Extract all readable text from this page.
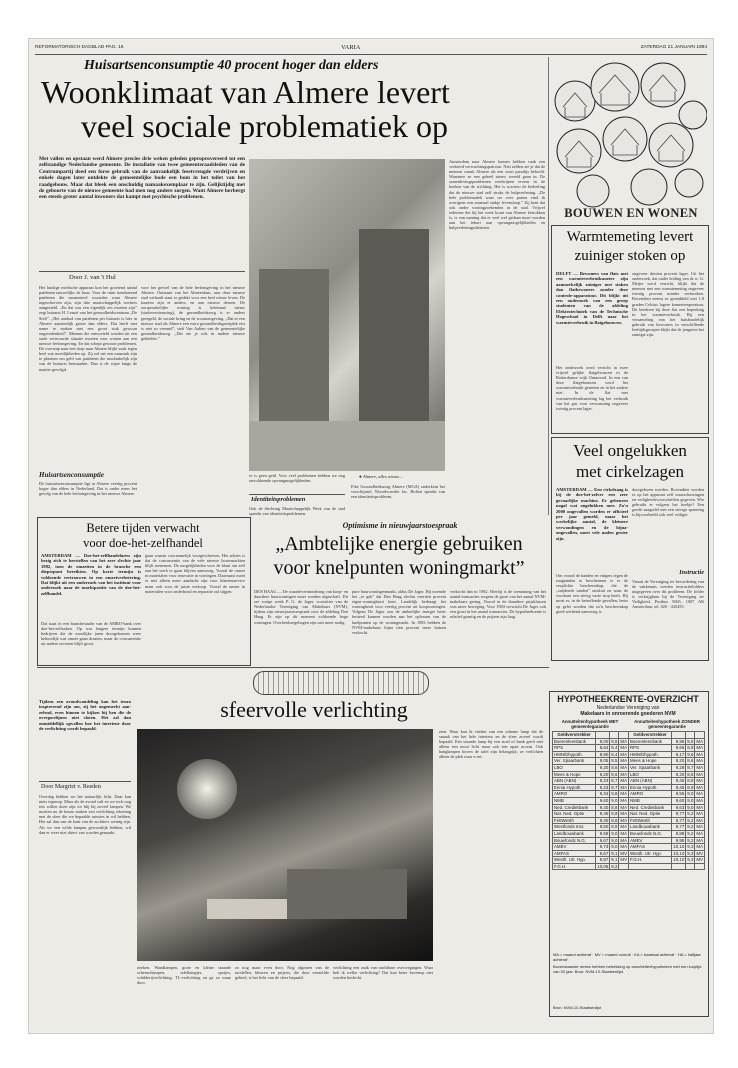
REFORMATORISCH DAGBLAD PAG. 16	VARIA	ZATERDAG 21 JANUARI 1984
Huisartsenconsumptie 40 procent hoger dan elders
Woonklimaat van Almere levert
veel sociale problematiek op
Met vallen en opstaan werd Almere precies drie weken geleden geproprovereerd tot een zelfstandige Nederlandse gemeente. De installatie van twee gemeenteraadsleden van de Centrumpartij deed een forse gebruik van de aanvankelijk feestvreugde verdrijven en enkele dagen later ontdekte de gemeentelijke bode een bom in het toilet van het raadgebouw. Maar dat bleek een onschuldig namaakexemplaar te zijn. Gelijktijdig met de geboorte van de nieuwe gemeente had men nog andere zorgen. Want Almere herbergt een steeds groter aantal inwoners dat kampt met psychische problemen.
Door J. van 't Hul
Het huidige medische apparaat kon het groeiend aantal patiënten nauwelijks de baas. Voor de ruim tienduizend patiënten die momenteel woonden waar Almere ingeschreven zijn, zijn drie maatschappelijk werkers aangesteld. „En dat zou een eigenlijk zes moeten zijn” zegt huisarts H. Lenzit van het gezondheidscentrum „De Stelt”. „Het aanbod van patiënten per huisarts is hier in Almere aanzienlijk groter dan elders. Dat heeft met name te maken met een groot stuk gewoon ongeordenheid”. Mensen die ontworteld worden uit een oude vertrouwde situatie moeten voor wonen aan een nieuwe leefomgeving. En dat schept gewoon problemen. De overstap naar een dorp naar Almere blijkt vaak tegen heel wat moeilijkheden op. Zij zal net een munstuk zijn te plaatsen om geld van patiënten die noodzakelijk zijn van de huisarts bestuurden. Dan is de wijze langs de manier gevolgd.
Huisartsenconsumptie
De huisartsenconsumptie ligt in Almere veertig procent hoger dan elders in Nederland. Dat is onder meer het gevolg van de hele leefomgeving in het nieuwe Almere.
voor het gevoel van de hele leefomgeving in het nieuwe Almere. Ontstaan van het Almeerdam, raar deze nieuwe stad verhaalt staat er gedekt voor een heel nieuw leven. De kaarten zijn er anders, en aan nieuwe deuren. De oorspronkelijke woning is helemaal nieuw (stadsvernieuwing), de gezondheidszorg is er anders geregeld, de sociale kring en de woonomgeving. „Dat er een nieuwe stad als Almere een extra gezondheidsgroeiplek eist is niet zo vreemd”, stelt Van Aalten van de gemeentelijke gezondheidszorg. „Dat zie je ook in andere nieuwe gebieden.”
● Almere, alles nieuw....
er is geen geld. Voor veel problemen hebben we nog onvoldoende opvangmogelijkheden.
Identiteitsproblemen
Ook de Stichting Maatschappelijk Werk van de stad spreekt van identiteitsproblemen.
Fike Gezondheidszorg Almere (MGA) onderkent het verschijnsel. Woordvoerder Jac. Holien spreekt van een identiteitsprobleem.
Amsterdam naar Almere komen hebben vaak een verkeerd verwachtingspatroon. Niet zelden zie je dat de mensen vanuit Almere als een soort paradijs beloofd. Waarmee ze een geheel nieuw wereld gaan in. De samenlevingsproblemen verdwijnen tevens in de boeken van de stichting. Het is sowieso de bedoeling dat de nieuwe stad zelf straks de hulpverlening. „De hele problematiek waar we over praten vind ik overigens een normaal stukje levensloop.” Zij kent dat ook onder woningzoekenden in de stad. Vrijwel iedereen die bij het werk komt van Almere betrokken is, is van mening dat er veel wel gedaan moet worden aan het tekort aan opvangmogelijkheden en hulpverleningsdiensten.
BOUWEN EN WONEN
Warmtemeting levert
zuiniger stoken op
DELFT — Bewoners van flats met een warmteverbruiksmeter zijn aanmerkelijk zuiniger met stoken dan flatbewoners zonder deze controle-apparatuur. Dit blijkt uit een onderzoek van een groep studenten van de afdeling Elektrotechniek van de Technische Hogeschool in Delft naar het warmteverbruik in flatgebouwen.
Het onderzoek werd verricht in twee vrijwel gelijke flatgebouwen in de Rotterdamse wijk Ommoord. In een van deze flatgebouwen werd het warmteverbruik gemeten en in het andere niet. In de flat met warmteverbruiksmeting lag het verbruik van het gas voor verwarming ongeveer twintig procent lager.
ongeveer dertien procent lager. Uit het onderzoek, dat onder leiding van dr. ir. G. Meijer werd verricht, blijkt dat de mensen met een warmtemeting ongeveer twintig procent minder verbruiken. Bovendien neemt ze gemiddeld met 1,8 graden Celsius lagere kamertemperatuur. Dit betekent bij deze flat een beperking in het warmteverbruik. Bij een verzameling van het huishoudelijk gebruik van bewoners in verschillende leeftijdsgroepen blijkt dat de jongeren het zuinigst zijn.
Veel ongelukken
met cirkelzagen
AMSTERDAM — Een cirkelzaag is bij de doe-het-zelver een zeer gevaarlijke machine. Er gebeuren nogal wat ongelukken mee. Zo'n 2000 ongevallen worden er officieel per jaar gemeld, maar het werkelijke aantal, de kleinere verwondingen en de bijna-ongevallen, moet vele malen groter zijn.
Om vooral de handen en vingers tegen de zaagtanden te beschermen is er de verplichte beschermkap, die de „snijdende tanden” omsluit en waar de voorkant een stevig vaste stop heeft. Hij moet er, in de betreffende gevallen, beter op gelet worden dat zo'n beschermkap goed werkend aanwezig is.
doorgelezen worden. Bovendien worden er op het apparaat zelf waarschuwingen en veiligheidsvoorschriften gegeven. Wie gebruikt er volgens het boekje? Een goede zaagtafel met een stevige spanning is bijvoorbeeld ook veel veiliger.
Instructie
Vanuit de Vereniging ter bevordering van de vakkennis werden instructiefolders uitgegeven over dit probleem. De folder is verkrijgbaar bij de Vereniging ter Veiligheid, Postbus 5665, 1007 AR Amsterdam, tel. 020 - 445455.
Betere tijden verwacht
voor doe-het-zelfhandel
AMSTERDAM — Doe-het-zelfhandelaren zijn bezig zich te herstellen van het zeer slechte jaar 1982, toen de omzetten in de branche een dieptepunt bereikten. Op korte termijn is voldoende vertrouwen in een omzetverbetering. Dat blijkt uit een onderzoek van het instituut voor onderzoek naar de marktpositie van de doe-het-zelfhandel.
Dat staat in een branchestudie van de AMRO-bank over doe-het-zelfzaken. Op wat langere termijn kunnen bedrijven die de moeilijke jaren doorgekomen weer behoorlijk wat omzet gaan draaien, maar de concurrentie uit andere sectoren blijft groot.
gaan waarin voornamelijk voorgeschreven. Het advies is dat de concurrentie van de vele nieuwe bouwmarkten blijft toenemen. De mogelijkheden voor de klant om zelf aan het werk te gaan blijven aanwezig. Vooral de omzet in materialen voor renovatie in woningen. Daarnaast moet er niet alleen meer aandacht zijn voor klantenservice maar ook voor de juiste verkoop. Vooral de omzet in materialen voor onderhoud en reparatie zal stijgen.
Optimisme in nieuwjaarstoespraak
„Ambtelijke energie gebruiken
voor knelpunten woningmarkt”
DEN HAAG — De waardevermindering van koop- en duurdere huurwoningen moet worden afgeschaft. Dit zei vorige week P. G. de Jager, voorzitter van de Nederlandse Vereniging van Makelaars (NVM), tijdens zijn nieuwjaarstoespraak voor de afdeling Den Haag. Er zijn op dit moment voldoende hoge woningen. Overheidsregelingen zijn niet meer nodig.
pure huurwoningenmarkt, aldus De Jager. Hij noemde het „te gek” dat Den Haag slechts veertien procent eigen-woningbezit kent. Landelijk bedraagt het woningbezit voor veertig procent uit koopwoningen. Volgens De Jager zou de ambtelijke energie beter besteed kunnen worden aan het oplossen van de knelpunten op de woningmarkt. In 1983 hebben de NVM-makelaars bijna tien procent meer huizen verkocht.
verkocht dan in 1982. Hierbij is de toenaming van het aantal transacties wegens de groei van het aantal NVM-makelaars gering. Vooral in de duurdere prijsklassen was meer beweging. Voor 1984 verwacht De Jager ook een groei in het aantal transacties. De hypotheekrente is relatief gunstig en de prijzen zijn laag.
sfeervolle verlichting
Tijdens een avondwandeling kan het tenzo inspirerend zijn om, zij het ongemerkt aan-zelend, even binnen te kijken bij hen die de overgordijnen niet sloten. Het zal dan onmiddellijk opvallen hoe het interieur door de verlichting wordt bepaald.
Door Margriet v. Reeden
Overdag hebben we het natuurlijk licht. Daar kan niets tegenop. Maar als de avond valt en we toch nog iets willen doen zijn we blij bij zoveel lampen. We moeten nu de keuze maken van verlichting rekening met de sfeer die we bepaalde ruimtes in wil hebben. Het zal dan van de kant van de architect weinig zijn. Als we een wilde lampen gewoonlijk hebben, wil dan er weer niet direct van worden gemaakt.
zoeken. Wandlampen, grote en kleine staande schemerlampen, tafellampjes, spotjes, schilderijverlichting. TL-verlichting en ga zo maar door.
zo nog maar even door. Nog afgezien van de modellen, kleuren en prijzen, die door eenzelfde gebied, is het licht van de sfeer bepaald.
verlichting een zaak van nachtbare overwegingen. Waar heb ik welke verlichting? Dat kan beter bovenop niet worden beslecht.
zien. Waar kan ik vinden van een scheme lamp dat de smaak van het hele interieur en de sfeer zoveel wordt bepaald. Een staande lamp bij een stoel of bank geeft niet alleen een mooi licht maar ook een apart accent. Ook hanglampen boven de tafel zijn belangrijk; ze verlichten alleen de plek waar u eet.
HYPOTHEEKRENTE-OVERZICHT
Nederlandse Vereniging van
Makelaars in onroerende goederen NVM
Annuïteitenhypotheek MET gemeentegarantie
Annuïteitenhypotheek ZONDER gemeentegarantie
Geldverstrekker				Geldverstrekker			
Boerenleenbank	9,00	8,5	MA	Boerenleenbank	9,96	8,5	MA
RPS	8,64	8,4	MA	RPS	9,66	8,9	MA
HMN/Dhypoth.	8,90	8,4	MA	HMN/Dhypoth.	9,17	9,6	MA
Ver. Spaarbank	9,05	8,5	MA	Mees & Hope	9,20	8,6	MA
LBO	9,20	8,6	MA	Ver. Spaarbank	9,28	8,7	MA
Mees & Hope	9,20	8,6	MA	LBO	9,20	8,6	MA
ABN (ABN)	9,23	8,7	MA	ABN (ABN)	9,45	8,9	MA
Ennia Hypoth.	9,23	8,7	MA	Ennia Hypoth.	9,45	8,9	MA
AMRO	9,34	8,8	MA	AMRO	9,55	9,0	MA
NMB	9,60	9,0	MA	NMB	9,60	9,0	MA
Ned. Credietbank	9,40	8,8	MA	Ned. Credietbank	9,63	9,0	MA
Nat. Ned. Optie	9,45	8,9	MA	Nat. Ned. Optie	9,77	9,2	MA
FettWesth	9,40	8,8	MA	FettWesth	9,77	9,2	MA
Westfonds Inst.	9,50	8,9	MA	Landbouwbank	9,77	9,2	MA
Landbouwbank	9,58	9,0	MA	Bouwfonds N.G.	9,88	9,2	MA
Bouwfonds N.G.	9,67	9,0	MA	AMEV	9,95	9,2	MA
AMEV	9,73	9,0	MA	AMFAS	10,10	9,3	MA
AMFAS	9,67	9,1	MV	Westh. Utr. Hyp.	10,10	9,3	MV
Westh. Utr. Hyp.	9,87	9,1	MV	F.G.H.	10,10	9,3	MV
F.G.H.	10,05	9,2					
MA = maand achteraf · MV = maand vooruit · KA = kwartaal achteraf · HA = halfjaar achteraf
Bovenstaande rentes hebben betrekking op annuïteitenhypotheken met een looptijd van 30 jaar. Bron: NVM-10-Staatsenlijst.
Bron: NVM-10-Staatsenlijst
